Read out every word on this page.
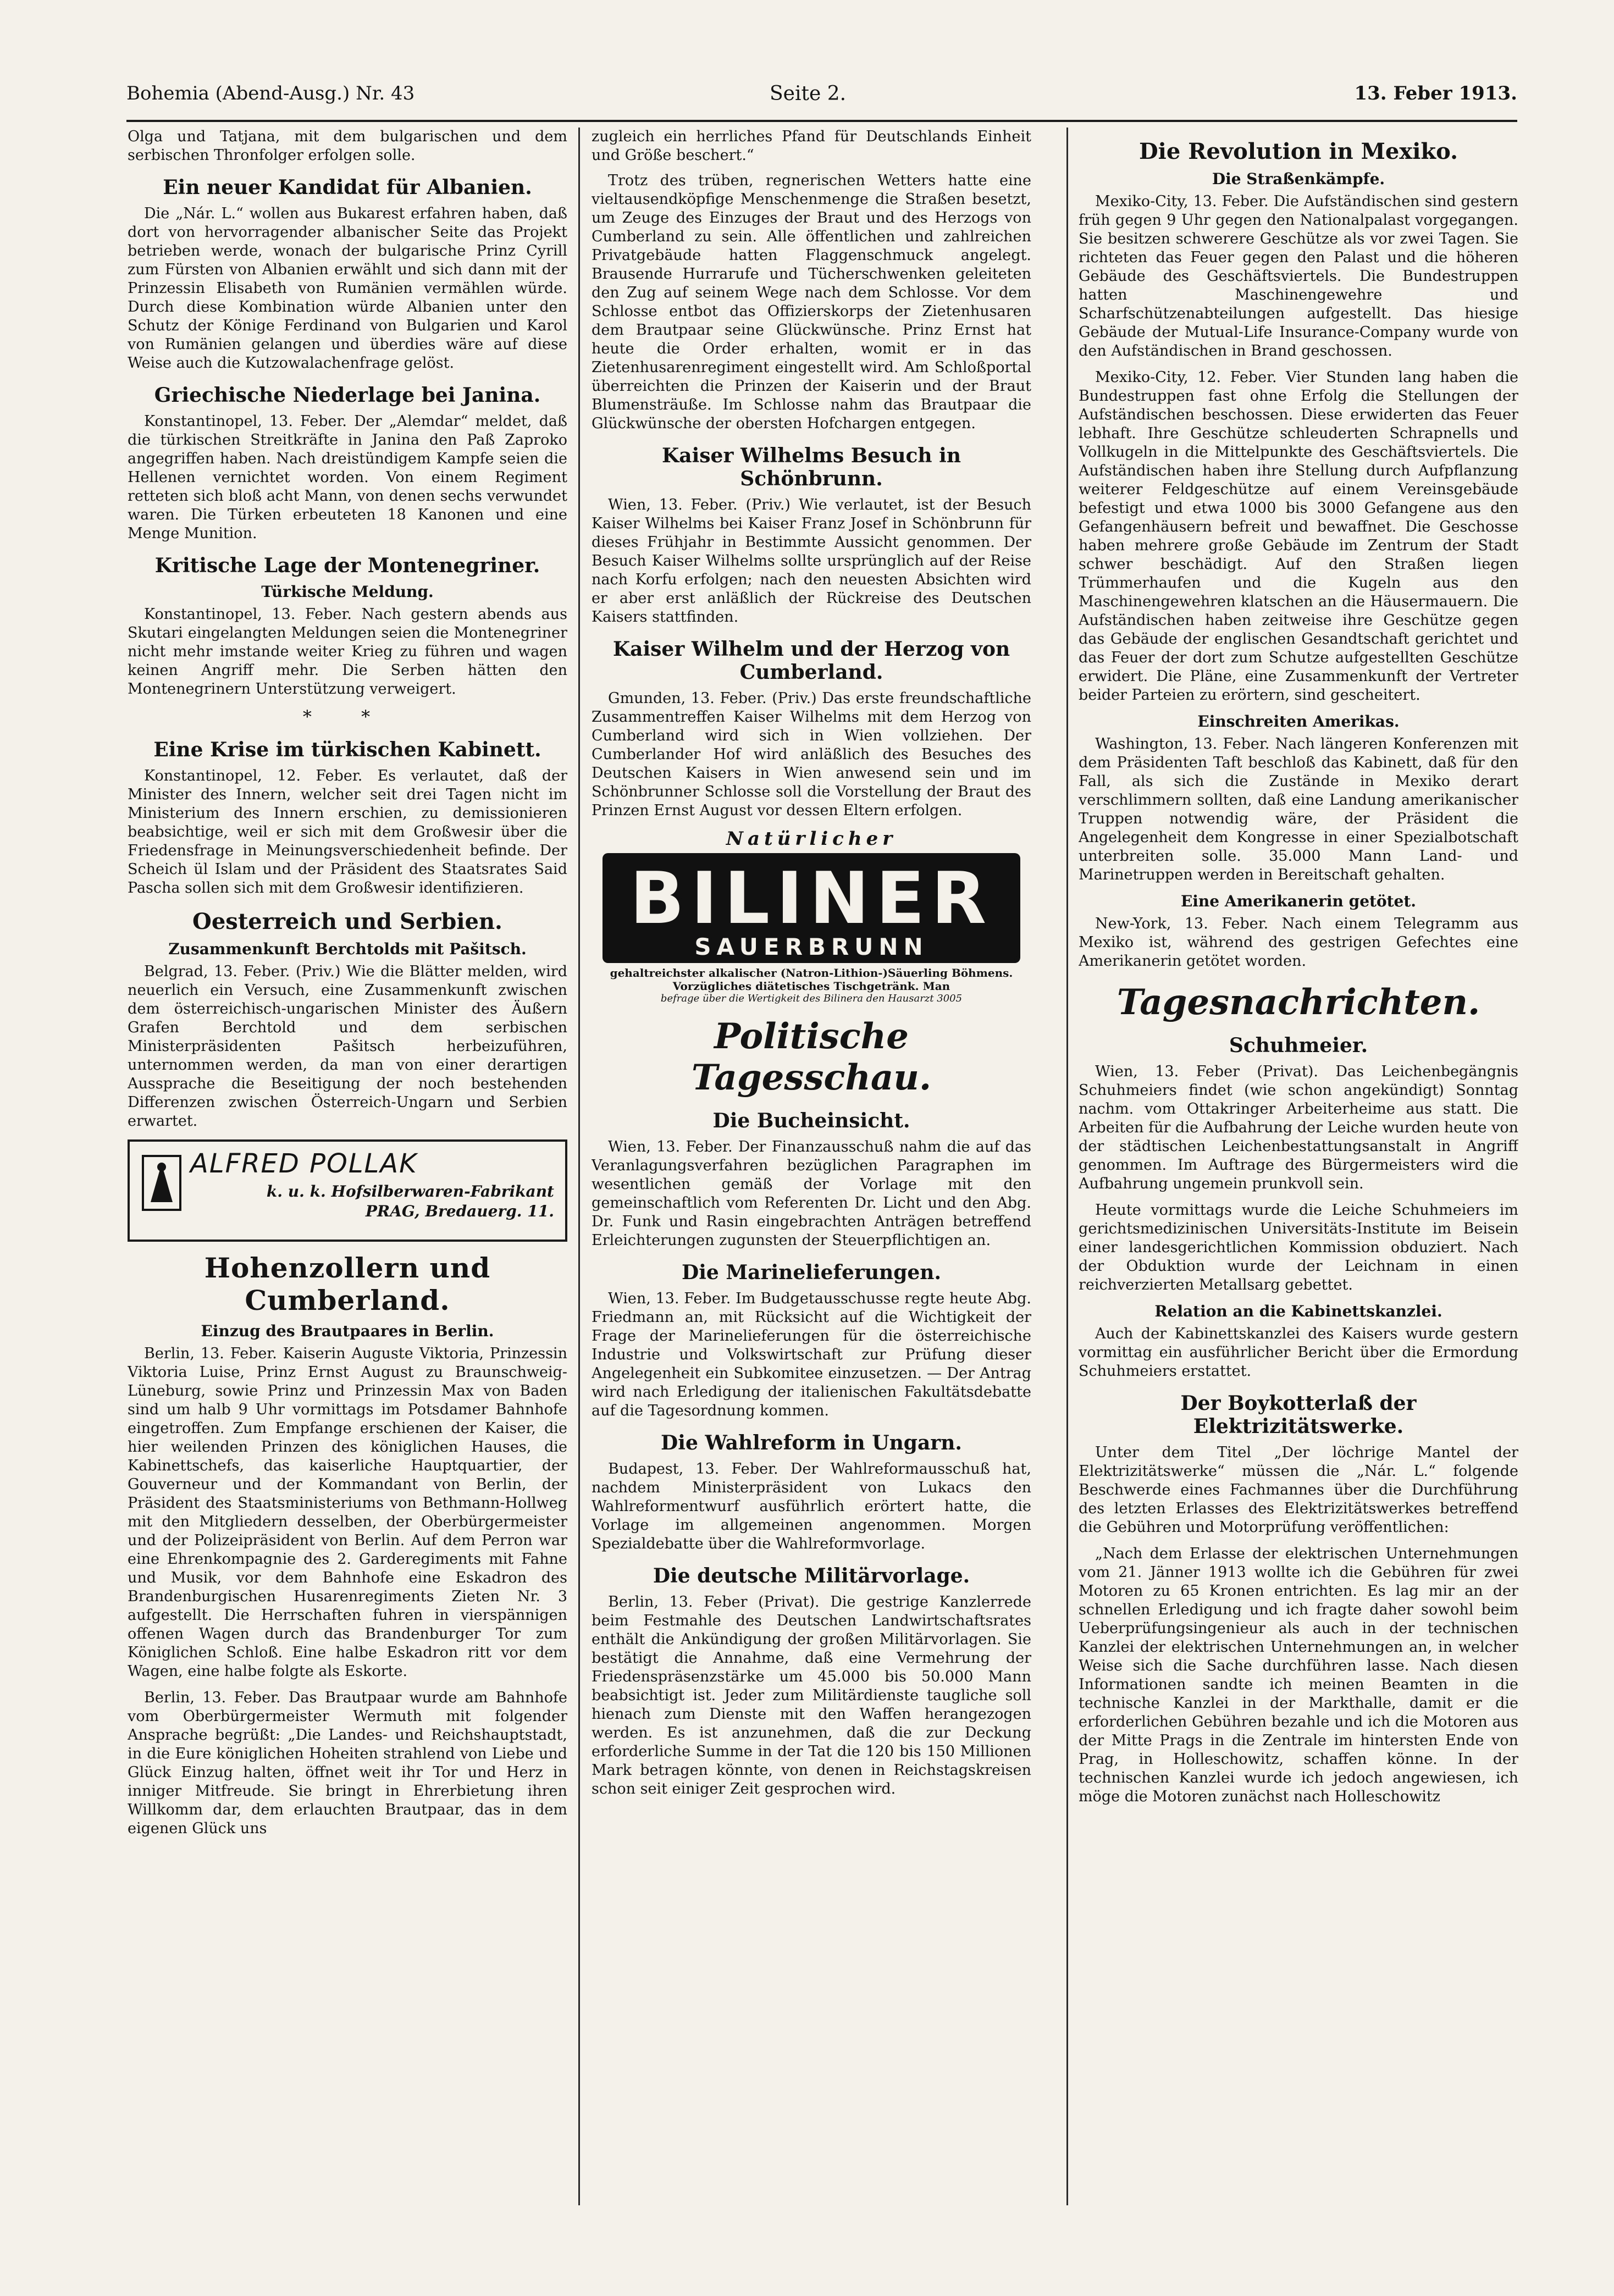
Bohemia (Abend-Ausg.) Nr. 43	Seite 2.	13. Feber 1913.

Olga und Tatjana, mit dem bulgarischen und dem serbischen Thronfolger erfolgen solle.

Ein neuer Kandidat für Albanien.

Die „Nár. L.“ wollen aus Bukarest erfahren haben, daß dort von hervorragender albanischer Seite das Projekt betrieben werde, wonach der bulgarische Prinz Cyrill zum Fürsten von Albanien erwählt und sich dann mit der Prinzessin Elisabeth von Rumänien vermählen würde. Durch diese Kombination würde Albanien unter den Schutz der Könige Ferdinand von Bulgarien und Karol von Rumänien gelangen und überdies wäre auf diese Weise auch die Kutzowalachenfrage gelöst.

Griechische Niederlage bei Janina.

Konstantinopel, 13. Feber. Der „Alemdar“ meldet, daß die türkischen Streitkräfte in Janina den Paß Zaproko angegriffen haben. Nach dreistündigem Kampfe seien die Hellenen vernichtet worden. Von einem Regiment retteten sich bloß acht Mann, von denen sechs verwundet waren. Die Türken erbeuteten 18 Kanonen und eine Menge Munition.

Kritische Lage der Montenegriner.
Türkische Meldung.

Konstantinopel, 13. Feber. Nach gestern abends aus Skutari eingelangten Meldungen seien die Montenegriner nicht mehr imstande weiter Krieg zu führen und wagen keinen Angriff mehr. Die Serben hätten den Montenegrinern Unterstützung verweigert.

* *
Eine Krise im türkischen Kabinett.

Konstantinopel, 12. Feber. Es verlautet, daß der Minister des Innern, welcher seit drei Tagen nicht im Ministerium des Innern erschien, zu demissionieren beabsichtige, weil er sich mit dem Großwesir über die Friedensfrage in Meinungsverschiedenheit befinde. Der Scheich ül Islam und der Präsident des Staatsrates Said Pascha sollen sich mit dem Großwesir identifizieren.

Oesterreich und Serbien.
Zusammenkunft Berchtolds mit Pašitsch.

Belgrad, 13. Feber. (Priv.) Wie die Blätter melden, wird neuerlich ein Versuch, eine Zusammenkunft zwischen dem österreichisch-ungarischen Minister des Äußern Grafen Berchtold und dem serbischen Ministerpräsidenten Pašitsch herbeizuführen, unternommen werden, da man von einer derartigen Aussprache die Beseitigung der noch bestehenden Differenzen zwischen Österreich-Ungarn und Serbien erwartet.

ALFRED POLLAK
k. u. k. Hofsilberwaren-Fabrikant
PRAG, Bredauerg. 11.
Hohenzollern und Cumberland.
Einzug des Brautpaares in Berlin.

Berlin, 13. Feber. Kaiserin Auguste Viktoria, Prinzessin Viktoria Luise, Prinz Ernst August zu Braunschweig-Lüneburg, sowie Prinz und Prinzessin Max von Baden sind um halb 9 Uhr vormittags im Potsdamer Bahnhofe eingetroffen. Zum Empfange erschienen der Kaiser, die hier weilenden Prinzen des königlichen Hauses, die Kabinettschefs, das kaiserliche Hauptquartier, der Gouverneur und der Kommandant von Berlin, der Präsident des Staatsministeriums von Bethmann-Hollweg mit den Mitgliedern desselben, der Oberbürgermeister und der Polizeipräsident von Berlin. Auf dem Perron war eine Ehrenkompagnie des 2. Garderegiments mit Fahne und Musik, vor dem Bahnhofe eine Eskadron des Brandenburgischen Husarenregiments Zieten Nr. 3 aufgestellt. Die Herrschaften fuhren in vierspännigen offenen Wagen durch das Brandenburger Tor zum Königlichen Schloß. Eine halbe Eskadron ritt vor dem Wagen, eine halbe folgte als Eskorte.

Berlin, 13. Feber. Das Brautpaar wurde am Bahnhofe vom Oberbürgermeister Wermuth mit folgender Ansprache begrüßt: „Die Landes- und Reichshauptstadt, in die Eure königlichen Hoheiten strahlend von Liebe und Glück Einzug halten, öffnet weit ihr Tor und Herz in inniger Mitfreude. Sie bringt in Ehrerbietung ihren Willkomm dar, dem erlauchten Brautpaar, das in dem eigenen Glück uns

zugleich ein herrliches Pfand für Deutschlands Einheit und Größe beschert.“

Trotz des trüben, regnerischen Wetters hatte eine vieltausendköpfige Menschenmenge die Straßen besetzt, um Zeuge des Einzuges der Braut und des Herzogs von Cumberland zu sein. Alle öffentlichen und zahlreichen Privatgebäude hatten Flaggenschmuck angelegt. Brausende Hurrarufe und Tücherschwenken geleiteten den Zug auf seinem Wege nach dem Schlosse. Vor dem Schlosse entbot das Offizierskorps der Zietenhusaren dem Brautpaar seine Glückwünsche. Prinz Ernst hat heute die Order erhalten, womit er in das Zietenhusarenregiment eingestellt wird. Am Schloßportal überreichten die Prinzen der Kaiserin und der Braut Blumensträuße. Im Schlosse nahm das Brautpaar die Glückwünsche der obersten Hofchargen entgegen.

Kaiser Wilhelms Besuch in Schönbrunn.

Wien, 13. Feber. (Priv.) Wie verlautet, ist der Besuch Kaiser Wilhelms bei Kaiser Franz Josef in Schönbrunn für dieses Frühjahr in Bestimmte Aussicht genommen. Der Besuch Kaiser Wilhelms sollte ursprünglich auf der Reise nach Korfu erfolgen; nach den neuesten Absichten wird er aber erst anläßlich der Rückreise des Deutschen Kaisers stattfinden.

Kaiser Wilhelm und der Herzog von Cumberland.

Gmunden, 13. Feber. (Priv.) Das erste freundschaftliche Zusammentreffen Kaiser Wilhelms mit dem Herzog von Cumberland wird sich in Wien vollziehen. Der Cumberlander Hof wird anläßlich des Besuches des Deutschen Kaisers in Wien anwesend sein und im Schönbrunner Schlosse soll die Vorstellung der Braut des Prinzen Ernst August vor dessen Eltern erfolgen.

Natürlicher
BILINER
SAUERBRUNN
gehaltreichster alkalischer (Natron-Lithion-)Säuerling Böhmens. Vorzügliches diätetisches Tischgetränk. Man
befrage über die Wertigkeit des Bilinera den Hausarzt 3005
Politische Tagesschau.
Die Bucheinsicht.

Wien, 13. Feber. Der Finanzausschuß nahm die auf das Veranlagungsverfahren bezüglichen Paragraphen im wesentlichen gemäß der Vorlage mit den gemeinschaftlich vom Referenten Dr. Licht und den Abg. Dr. Funk und Rasin eingebrachten Anträgen betreffend Erleichterungen zugunsten der Steuerpflichtigen an.

Die Marinelieferungen.

Wien, 13. Feber. Im Budgetausschusse regte heute Abg. Friedmann an, mit Rücksicht auf die Wichtigkeit der Frage der Marinelieferungen für die österreichische Industrie und Volkswirtschaft zur Prüfung dieser Angelegenheit ein Subkomitee einzusetzen. — Der Antrag wird nach Erledigung der italienischen Fakultätsdebatte auf die Tagesordnung kommen.

Die Wahlreform in Ungarn.

Budapest, 13. Feber. Der Wahlreformausschuß hat, nachdem Ministerpräsident von Lukacs den Wahlreformentwurf ausführlich erörtert hatte, die Vorlage im allgemeinen angenommen. Morgen Spezialdebatte über die Wahlreformvorlage.

Die deutsche Militärvorlage.

Berlin, 13. Feber (Privat). Die gestrige Kanzlerrede beim Festmahle des Deutschen Landwirtschaftsrates enthält die Ankündigung der großen Militärvorlagen. Sie bestätigt die Annahme, daß eine Vermehrung der Friedenspräsenzstärke um 45.000 bis 50.000 Mann beabsichtigt ist. Jeder zum Militärdienste taugliche soll hienach zum Dienste mit den Waffen herangezogen werden. Es ist anzunehmen, daß die zur Deckung erforderliche Summe in der Tat die 120 bis 150 Millionen Mark betragen könnte, von denen in Reichstagskreisen schon seit einiger Zeit gesprochen wird.

Die Revolution in Mexiko.
Die Straßenkämpfe.

Mexiko-City, 13. Feber. Die Aufständischen sind gestern früh gegen 9 Uhr gegen den Nationalpalast vorgegangen. Sie besitzen schwerere Geschütze als vor zwei Tagen. Sie richteten das Feuer gegen den Palast und die höheren Gebäude des Geschäftsviertels. Die Bundestruppen hatten Maschinengewehre und Scharfschützenabteilungen aufgestellt. Das hiesige Gebäude der Mutual-Life Insurance-Company wurde von den Aufständischen in Brand geschossen.

Mexiko-City, 12. Feber. Vier Stunden lang haben die Bundestruppen fast ohne Erfolg die Stellungen der Aufständischen beschossen. Diese erwiderten das Feuer lebhaft. Ihre Geschütze schleuderten Schrapnells und Vollkugeln in die Mittelpunkte des Geschäftsviertels. Die Aufständischen haben ihre Stellung durch Aufpflanzung weiterer Feldgeschütze auf einem Vereinsgebäude befestigt und etwa 1000 bis 3000 Gefangene aus den Gefangenhäusern befreit und bewaffnet. Die Geschosse haben mehrere große Gebäude im Zentrum der Stadt schwer beschädigt. Auf den Straßen liegen Trümmerhaufen und die Kugeln aus den Maschinengewehren klatschen an die Häusermauern. Die Aufständischen haben zeitweise ihre Geschütze gegen das Gebäude der englischen Gesandtschaft gerichtet und das Feuer der dort zum Schutze aufgestellten Geschütze erwidert. Die Pläne, eine Zusammenkunft der Vertreter beider Parteien zu erörtern, sind gescheitert.

Einschreiten Amerikas.

Washington, 13. Feber. Nach längeren Konferenzen mit dem Präsidenten Taft beschloß das Kabinett, daß für den Fall, als sich die Zustände in Mexiko derart verschlimmern sollten, daß eine Landung amerikanischer Truppen notwendig wäre, der Präsident die Angelegenheit dem Kongresse in einer Spezialbotschaft unterbreiten solle. 35.000 Mann Land- und Marinetruppen werden in Bereitschaft gehalten.

Eine Amerikanerin getötet.

New-York, 13. Feber. Nach einem Telegramm aus Mexiko ist, während des gestrigen Gefechtes eine Amerikanerin getötet worden.

Tagesnachrichten.
Schuhmeier.

Wien, 13. Feber (Privat). Das Leichenbegängnis Schuhmeiers findet (wie schon angekündigt) Sonntag nachm. vom Ottakringer Arbeiterheime aus statt. Die Arbeiten für die Aufbahrung der Leiche wurden heute von der städtischen Leichenbestattungsanstalt in Angriff genommen. Im Auftrage des Bürgermeisters wird die Aufbahrung ungemein prunkvoll sein.

Heute vormittags wurde die Leiche Schuhmeiers im gerichtsmedizinischen Universitäts-Institute im Beisein einer landesgerichtlichen Kommission obduziert. Nach der Obduktion wurde der Leichnam in einen reichverzierten Metallsarg gebettet.

Relation an die Kabinettskanzlei.

Auch der Kabinettskanzlei des Kaisers wurde gestern vormittag ein ausführlicher Bericht über die Ermordung Schuhmeiers erstattet.

Der Boykotterlaß der Elektrizitätswerke.

Unter dem Titel „Der löchrige Mantel der Elektrizitätswerke“ müssen die „Nár. L.“ folgende Beschwerde eines Fachmannes über die Durchführung des letzten Erlasses des Elektrizitätswerkes betreffend die Gebühren und Motorprüfung veröffentlichen:

„Nach dem Erlasse der elektrischen Unternehmungen vom 21. Jänner 1913 wollte ich die Gebühren für zwei Motoren zu 65 Kronen entrichten. Es lag mir an der schnellen Erledigung und ich fragte daher sowohl beim Ueberprüfungsingenieur als auch in der technischen Kanzlei der elektrischen Unternehmungen an, in welcher Weise sich die Sache durchführen lasse. Nach diesen Informationen sandte ich meinen Beamten in die technische Kanzlei in der Markthalle, damit er die erforderlichen Gebühren bezahle und ich die Motoren aus der Mitte Prags in die Zentrale im hintersten Ende von Prag, in Holleschowitz, schaffen könne. In der technischen Kanzlei wurde ich jedoch angewiesen, ich möge die Motoren zunächst nach Holleschowitz
